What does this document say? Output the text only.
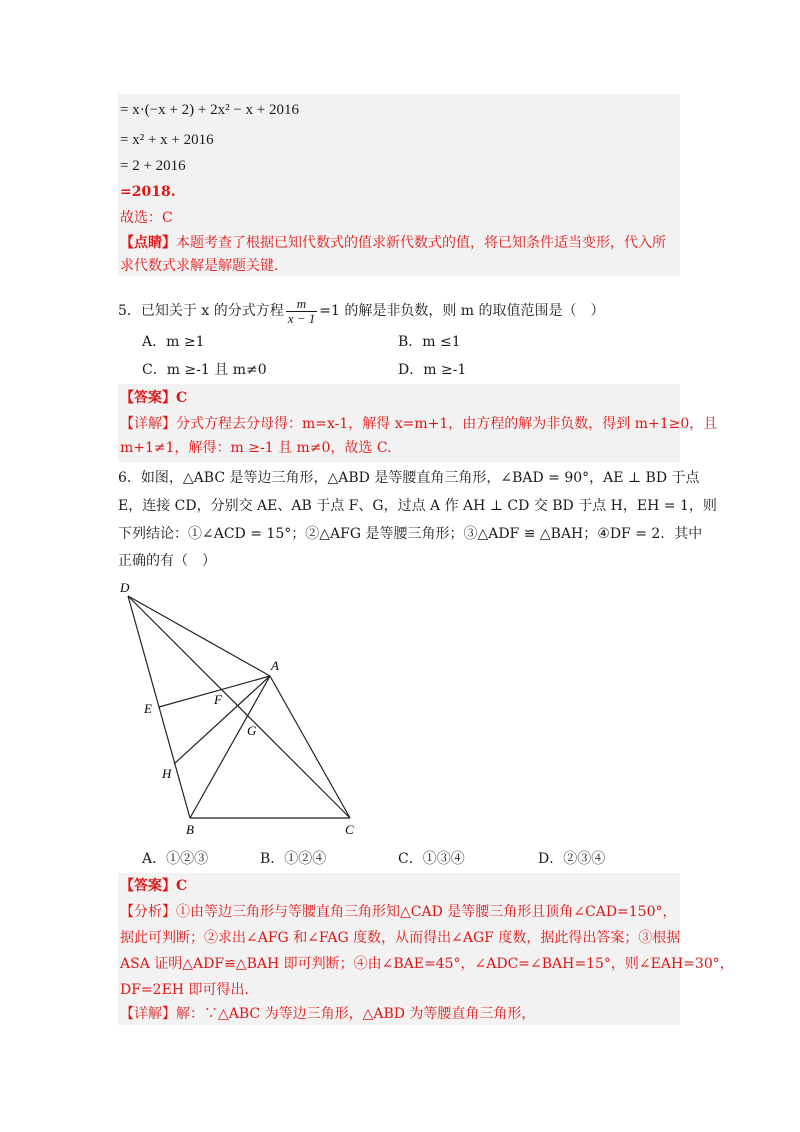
= x·(−x + 2) + 2x² − x + 2016
= x² + x + 2016
= 2 + 2016
=2018.
故选：C
【点睛】本题考查了根据已知代数式的值求新代数式的值，将已知条件适当变形，代入所
求代数式求解是解题关键.
5．已知关于 x 的分式方程 $\frac{m}{x - 1} =1$ 的解是非负数，则 m 的取值范围是（　）
A．m ≥1	B．m ≤1
C．m ≥-1 且 m≠0	D．m ≥-1
【答案】C
【详解】分式方程去分母得：m=x-1，解得 x=m+1，由方程的解为非负数，得到 m+1≥0，且
m+1≠1，解得：m ≥-1 且 m≠0，故选 C.
6．如图，△ABC 是等边三角形，△ABD 是等腰直角三角形，∠BAD = 90°，AE ⊥ BD 于点
E，连接 CD，分别交 AE、AB 于点 F、G，过点 A 作 AH ⊥ CD 交 BD 于点 H，EH = 1，则
下列结论：①∠ACD = 15°；②△AFG 是等腰三角形；③△ADF ≌ △BAH；④DF = 2．其中
正确的有（　）
D
A
E
F
G
H
B	C
A．①②③	B．①②④	C．①③④	D．②③④
【答案】C
【分析】①由等边三角形与等腰直角三角形知△CAD 是等腰三角形且顶角∠CAD=150°，
据此可判断；②求出∠AFG 和∠FAG 度数，从而得出∠AGF 度数，据此得出答案；③根据
ASA 证明△ADF≌△BAH 即可判断；④由∠BAE=45°，∠ADC=∠BAH=15°，则∠EAH=30°，
DF=2EH 即可得出.
【详解】解：∵△ABC 为等边三角形，△ABD 为等腰直角三角形，
